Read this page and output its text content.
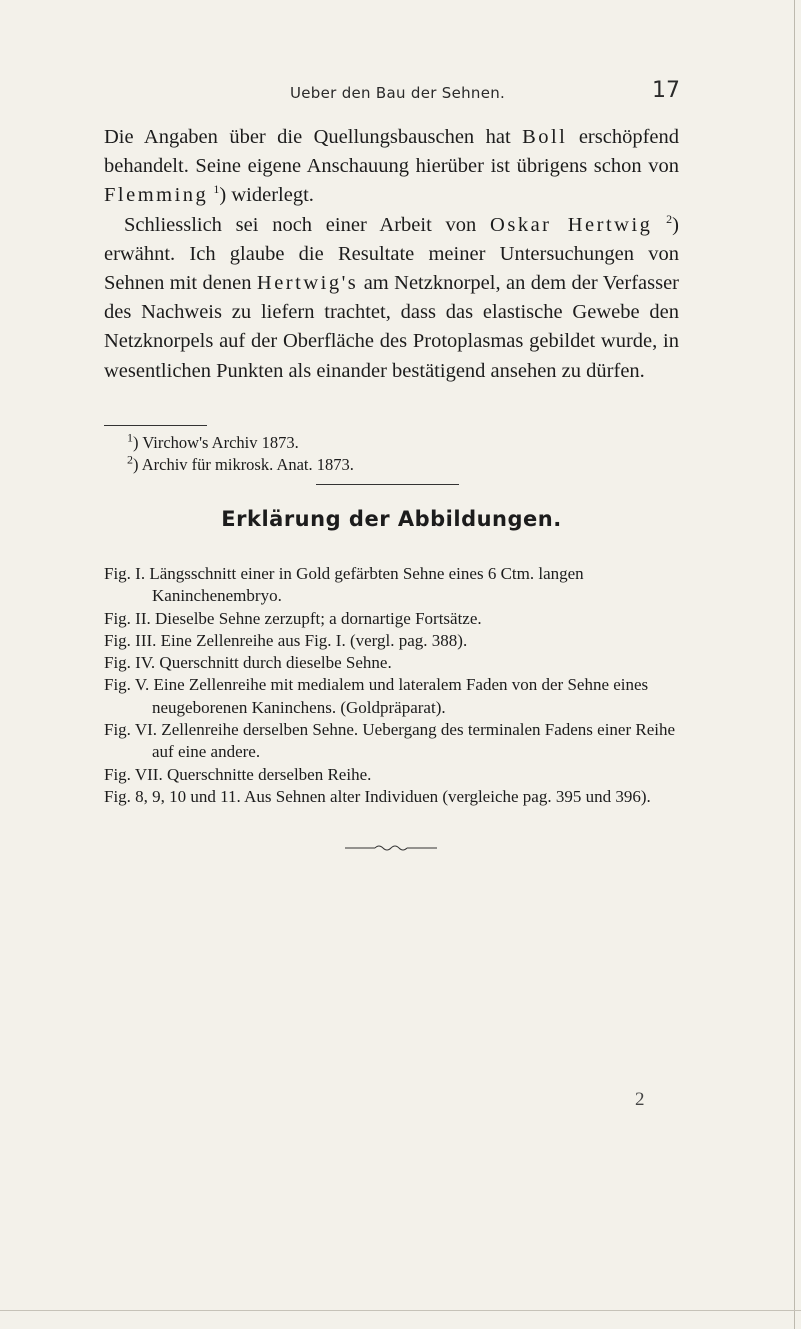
Ueber den Bau der Sehnen.	17

Die Angaben über die Quellungsbauschen hat Boll erschöpfend behandelt. Seine eigene Anschauung hierüber ist übrigens schon von Flemming $^1$) widerlegt.

Schliesslich sei noch einer Arbeit von Oskar Hertwig $^2$) erwähnt. Ich glaube die Resultate meiner Untersuchungen von Sehnen mit denen Hertwig's am Netzknorpel, an dem der Verfasser des Nachweis zu liefern trachtet, dass das elastische Gewebe den Netzknorpels auf der Oberfläche des Protoplasmas gebildet wurde, in wesentlichen Punkten als einander bestätigend ansehen zu dürfen.

$^1$) Virchow's Archiv 1873.
$^2$) Archiv für mikrosk. Anat. 1873.
Erklärung der Abbildungen.
Fig. I. Längsschnitt einer in Gold gefärbten Sehne eines 6 Ctm. langen Kaninchenembryo.
Fig. II. Dieselbe Sehne zerzupft; a dornartige Fortsätze.
Fig. III. Eine Zellenreihe aus Fig. I. (vergl. pag. 388).
Fig. IV. Querschnitt durch dieselbe Sehne.
Fig. V. Eine Zellenreihe mit medialem und lateralem Faden von der Sehne eines neugeborenen Kaninchens. (Goldpräparat).
Fig. VI. Zellenreihe derselben Sehne. Uebergang des terminalen Fadens einer Reihe auf eine andere.
Fig. VII. Querschnitte derselben Reihe.
Fig. 8, 9, 10 und 11. Aus Sehnen alter Individuen (vergleiche pag. 395 und 396).
2
